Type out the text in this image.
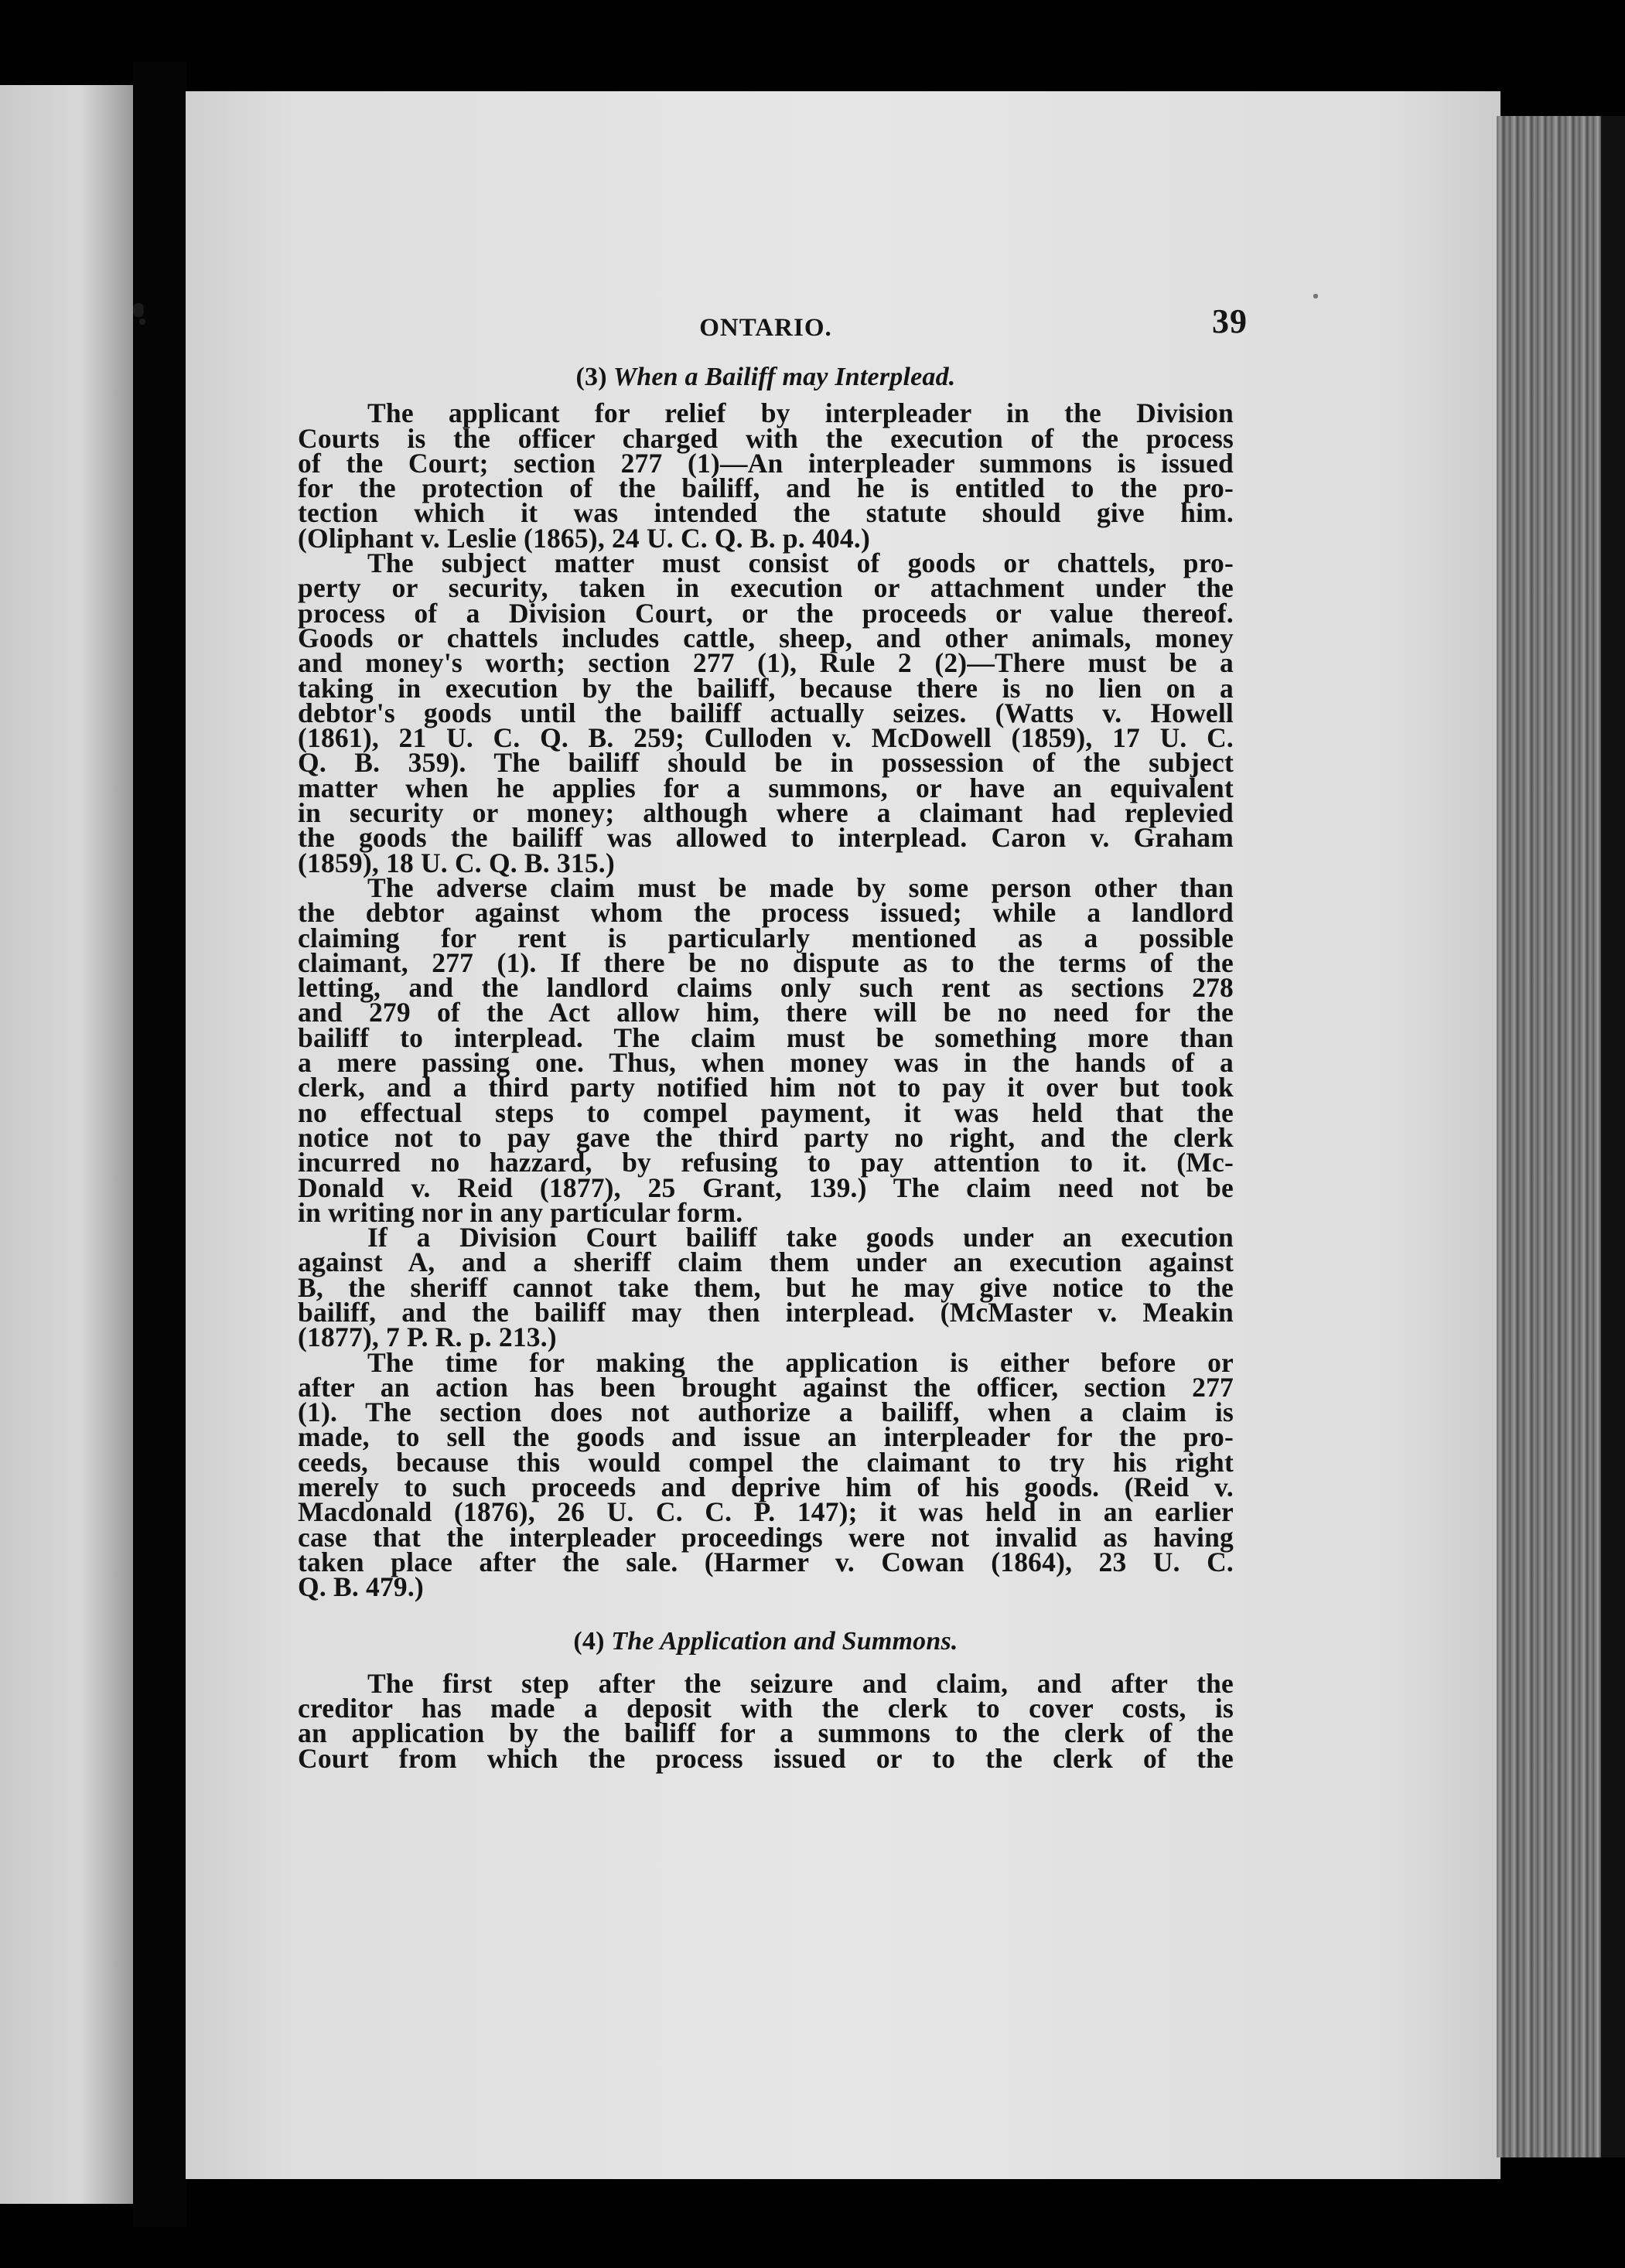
ONTARIO.	39
(3) When a Bailiff may Interplead.
The applicant for relief by interpleader in the Division
Courts is the officer charged with the execution of the process
of the Court; section 277 (1)—An interpleader summons is issued
for the protection of the bailiff, and he is entitled to the pro-
tection which it was intended the statute should give him.
(Oliphant v. Leslie (1865), 24 U. C. Q. B. p. 404.)
The subject matter must consist of goods or chattels, pro-
perty or security, taken in execution or attachment under the
process of a Division Court, or the proceeds or value thereof.
Goods or chattels includes cattle, sheep, and other animals, money
and money's worth; section 277 (1), Rule 2 (2)—There must be a
taking in execution by the bailiff, because there is no lien on a
debtor's goods until the bailiff actually seizes. (Watts v. Howell
(1861), 21 U. C. Q. B. 259; Culloden v. McDowell (1859), 17 U. C.
Q. B. 359). The bailiff should be in possession of the subject
matter when he applies for a summons, or have an equivalent
in security or money; although where a claimant had replevied
the goods the bailiff was allowed to interplead. Caron v. Graham
(1859), 18 U. C. Q. B. 315.)
The adverse claim must be made by some person other than
the debtor against whom the process issued; while a landlord
claiming for rent is particularly mentioned as a possible
claimant, 277 (1). If there be no dispute as to the terms of the
letting, and the landlord claims only such rent as sections 278
and 279 of the Act allow him, there will be no need for the
bailiff to interplead. The claim must be something more than
a mere passing one. Thus, when money was in the hands of a
clerk, and a third party notified him not to pay it over but took
no effectual steps to compel payment, it was held that the
notice not to pay gave the third party no right, and the clerk
incurred no hazzard, by refusing to pay attention to it. (Mc-
Donald v. Reid (1877), 25 Grant, 139.) The claim need not be
in writing nor in any particular form.
If a Division Court bailiff take goods under an execution
against A, and a sheriff claim them under an execution against
B, the sheriff cannot take them, but he may give notice to the
bailiff, and the bailiff may then interplead. (McMaster v. Meakin
(1877), 7 P. R. p. 213.)
The time for making the application is either before or
after an action has been brought against the officer, section 277
(1). The section does not authorize a bailiff, when a claim is
made, to sell the goods and issue an interpleader for the pro-
ceeds, because this would compel the claimant to try his right
merely to such proceeds and deprive him of his goods. (Reid v.
Macdonald (1876), 26 U. C. C. P. 147); it was held in an earlier
case that the interpleader proceedings were not invalid as having
taken place after the sale. (Harmer v. Cowan (1864), 23 U. C.
Q. B. 479.)
(4) The Application and Summons.
The first step after the seizure and claim, and after the
creditor has made a deposit with the clerk to cover costs, is
an application by the bailiff for a summons to the clerk of the
Court from which the process issued or to the clerk of the
